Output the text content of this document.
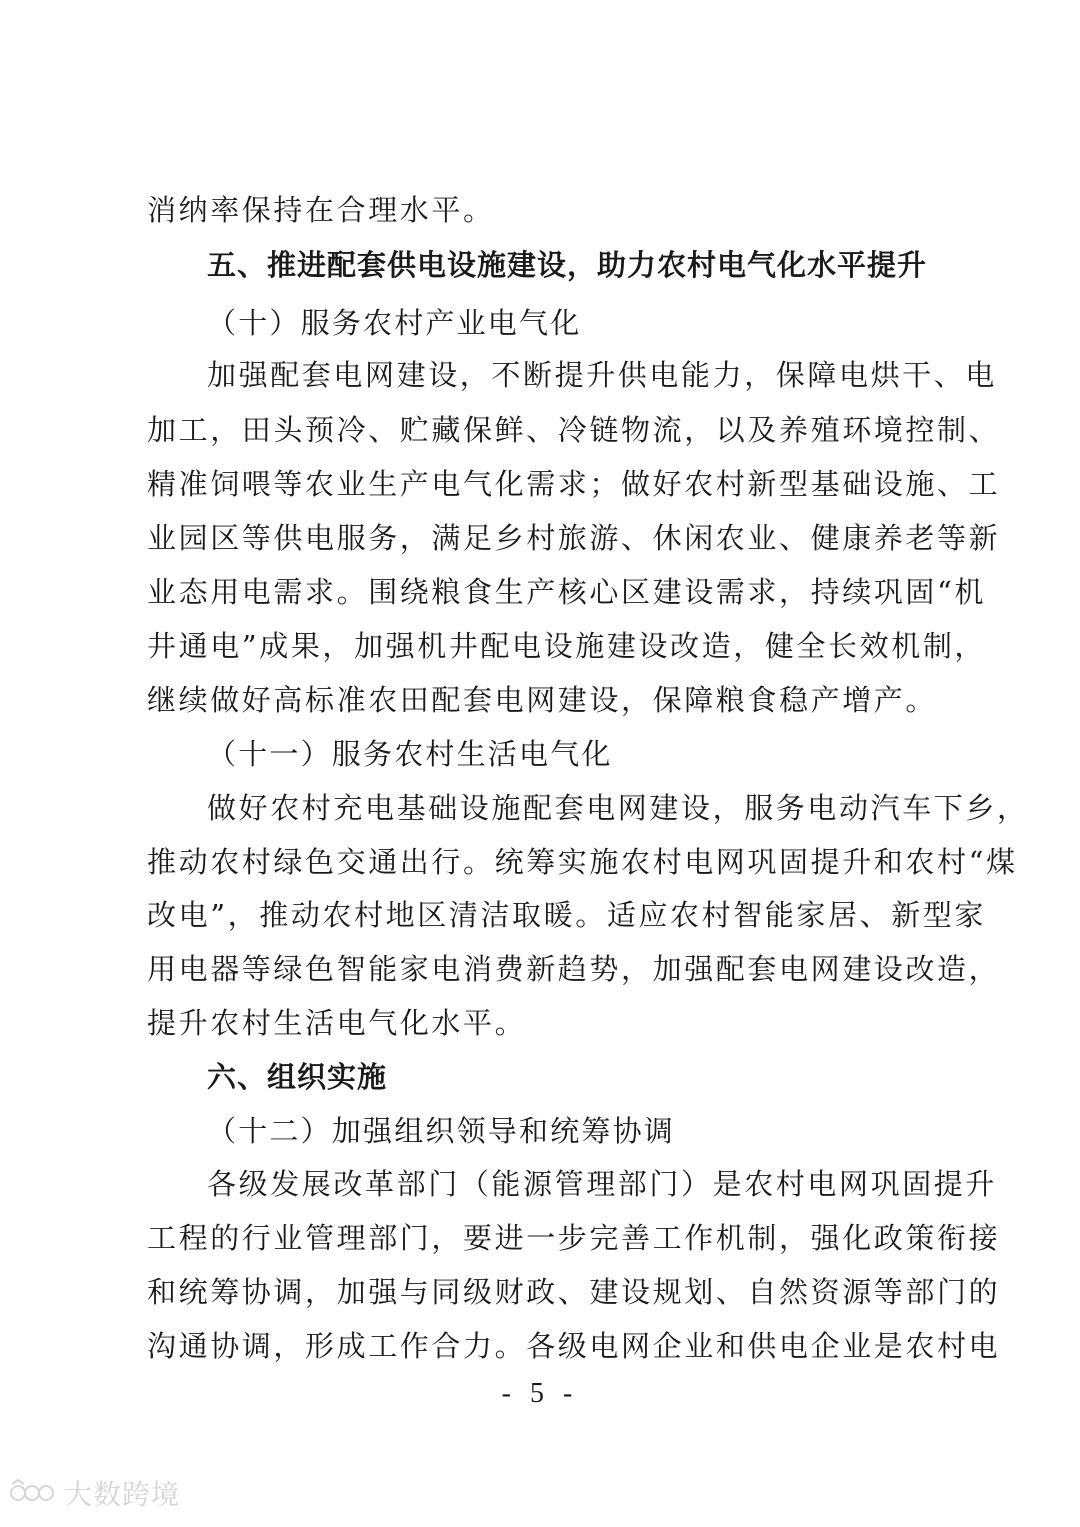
消纳率保持在合理水平。
五、推进配套供电设施建设，助力农村电气化水平提升
（十）服务农村产业电气化
加强配套电网建设，不断提升供电能力，保障电烘干、电
加工，田头预冷、贮藏保鲜、冷链物流，以及养殖环境控制、
精准饲喂等农业生产电气化需求；做好农村新型基础设施、工
业园区等供电服务，满足乡村旅游、休闲农业、健康养老等新
业态用电需求。围绕粮食生产核心区建设需求，持续巩固“机
井通电”成果，加强机井配电设施建设改造，健全长效机制，
继续做好高标准农田配套电网建设，保障粮食稳产增产。
（十一）服务农村生活电气化
做好农村充电基础设施配套电网建设，服务电动汽车下乡，
推动农村绿色交通出行。统筹实施农村电网巩固提升和农村“煤
改电”，推动农村地区清洁取暖。适应农村智能家居、新型家
用电器等绿色智能家电消费新趋势，加强配套电网建设改造，
提升农村生活电气化水平。
六、组织实施
（十二）加强组织领导和统筹协调
各级发展改革部门（能源管理部门）是农村电网巩固提升
工程的行业管理部门，要进一步完善工作机制，强化政策衔接
和统筹协调，加强与同级财政、建设规划、自然资源等部门的
沟通协调，形成工作合力。各级电网企业和供电企业是农村电
- 5 -
大数跨境
